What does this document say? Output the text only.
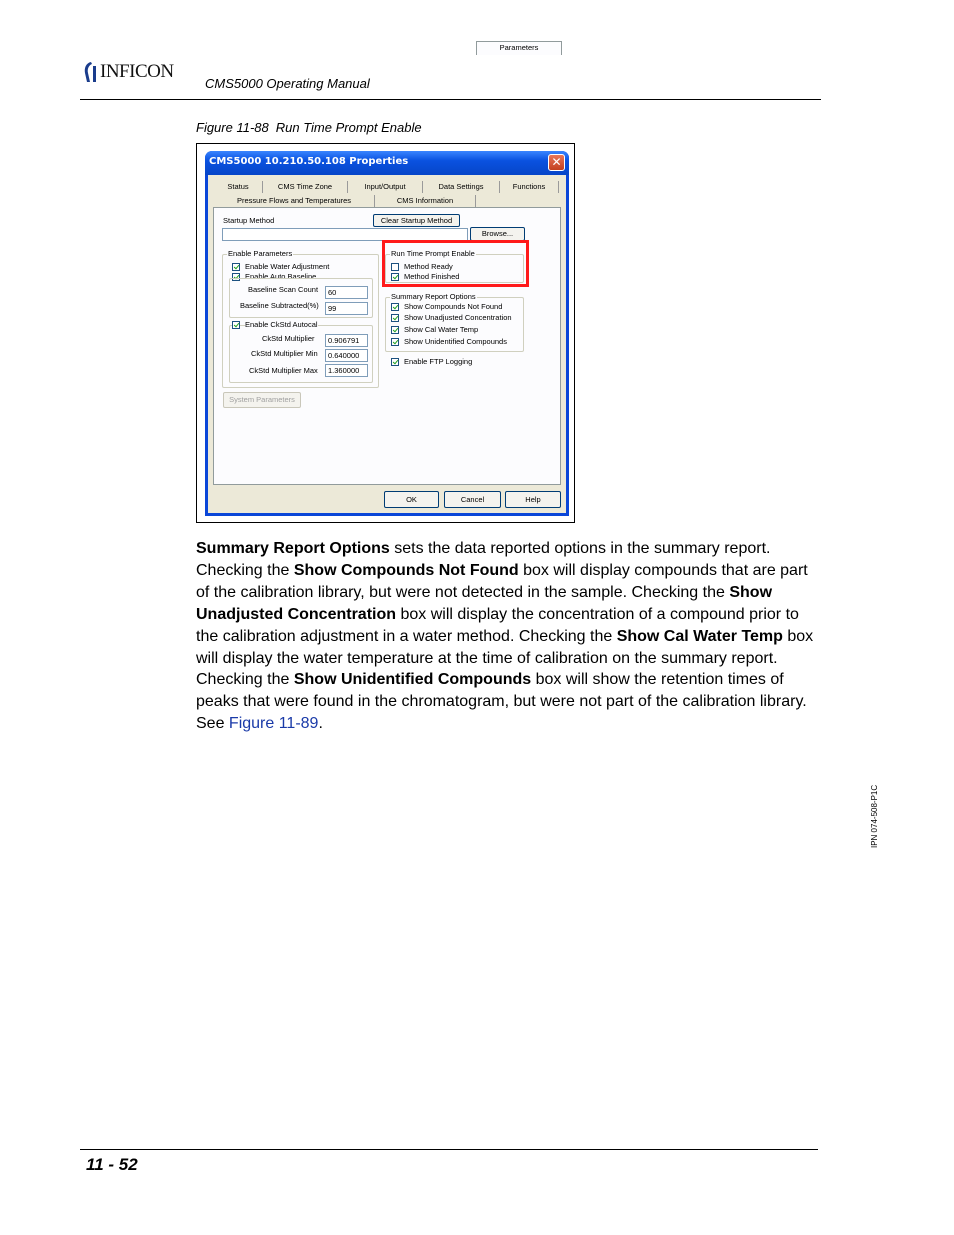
INFICON
CMS5000 Operating Manual
Figure 11-88 Run Time Prompt Enable
CMS5000 10.210.50.108 Properties	✕
Status	CMS Time Zone	Input/Output	Data Settings	Functions
Pressure Flows and Temperatures	CMS Information
Parameters
Startup Method	Clear Startup Method
Browse...
Enable Parameters
Enable Water Adjustment
Enable Auto Baseline
Baseline Scan Count	60
Baseline Subtracted(%)	99
Enable CkStd Autocal
CkStd Multiplier	0.906791
CkStd Multiplier Min	0.640000
CkStd Multiplier Max	1.360000
Run Time Prompt Enable
Method Ready
Method Finished
Summary Report Options
Show Compounds Not Found
Show Unadjusted Concentration
Show Cal Water Temp
Show Unidentified Compounds
Enable FTP Logging
System Parameters
OK	Cancel	Help

Summary Report Options sets the data reported options in the summary report. Checking the Show Compounds Not Found box will display compounds that are part of the calibration library, but were not detected in the sample. Checking the Show Unadjusted Concentration box will display the concentration of a compound prior to the calibration adjustment in a water method. Checking the Show Cal Water Temp box will display the water temperature at the time of calibration on the summary report. Checking the Show Unidentified Compounds box will show the retention times of peaks that were found in the chromatogram, but were not part of the calibration library. See Figure 11-89.

IPN 074-508-P1C
11 - 52
